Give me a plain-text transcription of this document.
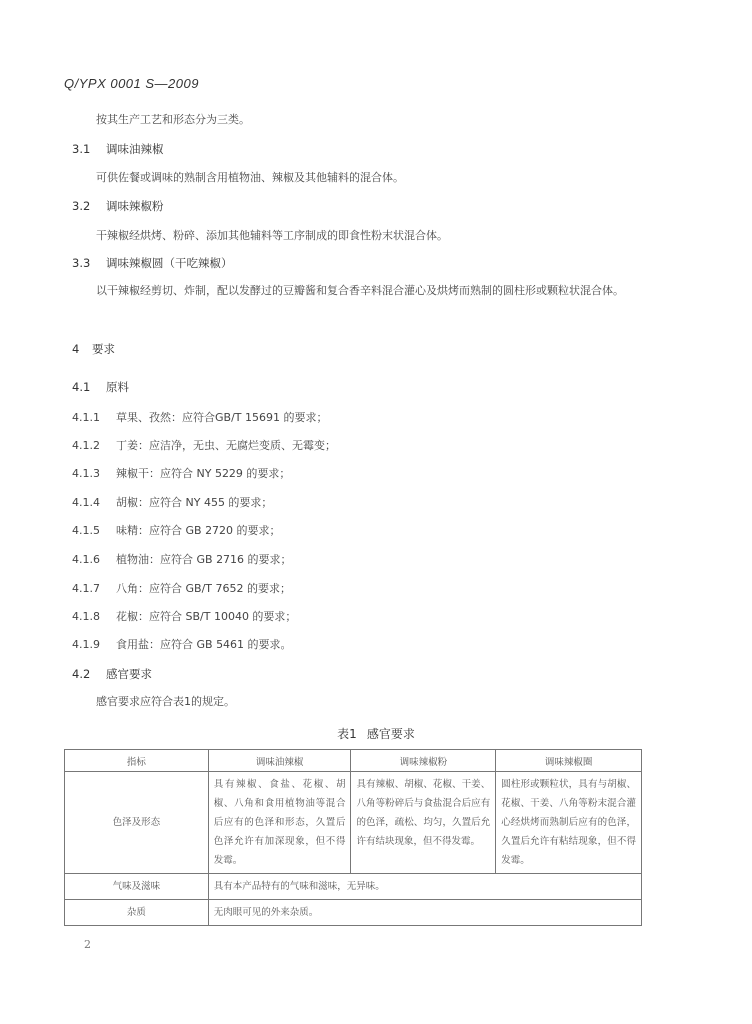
Q/YPX 0001 S—2009
按其生产工艺和形态分为三类。
3.1 调味油辣椒
可供佐餐或调味的熟制含用植物油、辣椒及其他辅料的混合体。
3.2 调味辣椒粉
干辣椒经烘烤、粉碎、添加其他辅料等工序制成的即食性粉末状混合体。
3.3 调味辣椒圆（干吃辣椒）
以干辣椒经剪切、炸制，配以发酵过的豆瓣酱和复合香辛料混合灌心及烘烤而熟制的圆柱形或颗粒状混合体。
4 要求
4.1 原料
4.1.1 草果、孜然：应符合GB/T 15691 的要求；
4.1.2 丁姜：应洁净，无虫、无腐烂变质、无霉变；
4.1.3 辣椒干：应符合 NY 5229 的要求；
4.1.4 胡椒：应符合 NY 455 的要求；
4.1.5 味精：应符合 GB 2720 的要求；
4.1.6 植物油：应符合 GB 2716 的要求；
4.1.7 八角：应符合 GB/T 7652 的要求；
4.1.8 花椒：应符合 SB/T 10040 的要求；
4.1.9 食用盐：应符合 GB 5461 的要求。
4.2 感官要求
感官要求应符合表1的规定。
表1 感官要求
指标	调味油辣椒	调味辣椒粉	调味辣椒圈
色泽及形态	具有辣椒、食盐、花椒、胡椒、八角和食用植物油等混合后应有的色泽和形态，久置后色泽允许有加深现象，但不得发霉。	具有辣椒、胡椒、花椒、干姜、八角等粉碎后与食盐混合后应有的色泽，疏松、均匀，久置后允许有结块现象，但不得发霉。	圆柱形或颗粒状，具有与胡椒、花椒、干姜、八角等粉末混合灌心经烘烤而熟制后应有的色泽，久置后允许有粘结现象，但不得发霉。
气味及滋味	具有本产品特有的气味和滋味，无异味。		
杂质	无肉眼可见的外来杂质。		
2
